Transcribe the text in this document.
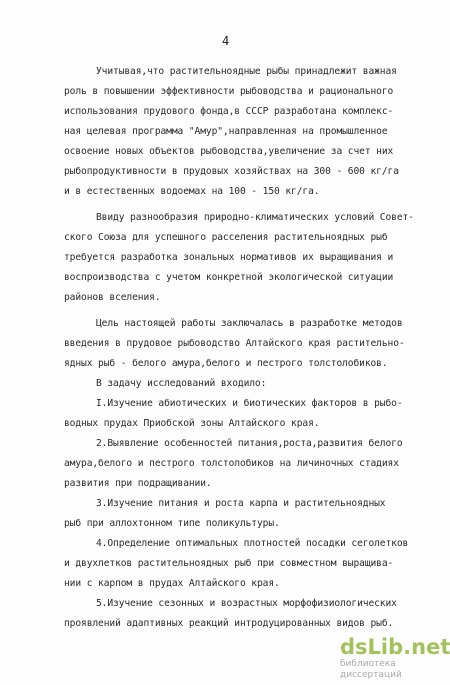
4
Учитывая,что растительноядные рыбы принадлежит важная
роль в повышении эффективности рыбоводства и рационального
использования прудового фонда,в СССР разработана комплекс-
ная целевая программа "Амур",направленная на промышленное
освоение новых объектов рыбоводства,увеличение за счет них
рыбопродуктивности в прудовых хозяйствах на 300 - 600 кг/га
и в естественных водоемах на 100 - 150 кг/га.
Ввиду разнообразия природно-климатических условий Совет-
ского Союза для успешного расселения растительноядных рыб
требуется разработка зональных нормативов их выращивания и
воспроизводства с учетом конкретной экологической ситуации
районов вселения.
Цель настоящей работы заключалась в разработке методов
введения в прудовое рыбоводство Алтайского края растительно-
ядных рыб - белого амура,белого и пестрого толстолобиков.
В задачу исследований входило:
I.Изучение абиотических и биотических факторов в рыбо-
водных прудах Приобской зоны Алтайского края.
2.Выявление особенностей питания,роста,развития белого
амура,белого и пестрого толстолобиков на личиночных стадиях
развития при подращивании.
3.Изучение питания и роста карпа и растительноядных
рыб при аллохтонном типе поликультуры.
4.Определение оптимальных плотностей посадки сеголетков
и двухлетков растительноядных рыб при совместном выращива-
нии с карпом в прудах Алтайского края.
5.Изучение сезонных и возрастных морфофизиологических
проявлений адаптивных реакций интродуцированных видов рыб.
dsLib.net
библиотека диссертаций
